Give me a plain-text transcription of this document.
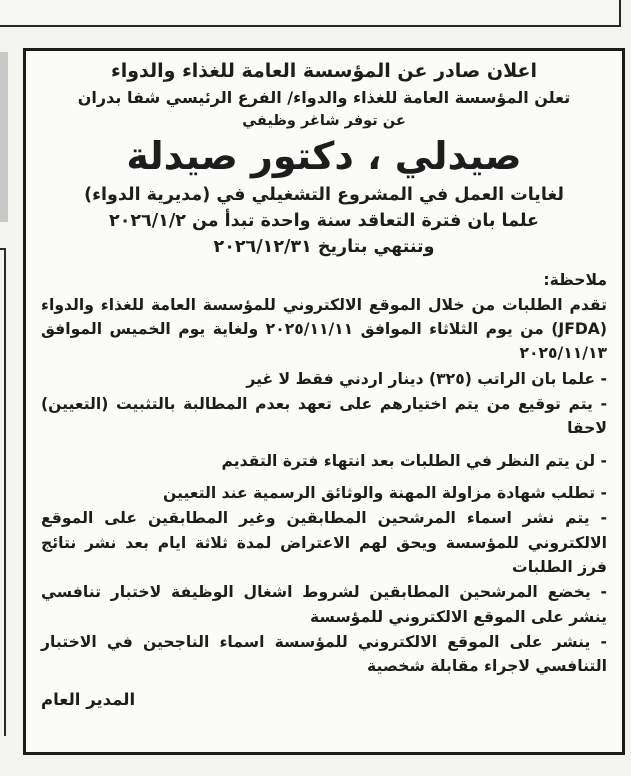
اعلان صادر عن المؤسسة العامة للغذاء والدواء
تعلن المؤسسة العامة للغذاء والدواء/ الفرع الرئيسي شفا بدران
عن توفر شاغر وظيفي
صيدلي ، دكتور صيدلة
لغايات العمل في المشروع التشغيلي في (مديرية الدواء)
علما بان فترة التعاقد سنة واحدة تبدأ من ٢٠٢٦/١/٢
وتنتهي بتاريخ ٢٠٢٦/١٢/٣١
ملاحظة:
تقدم الطلبات من خلال الموقع الالكتروني للمؤسسة العامة للغذاء والدواء
(JFDA) من يوم الثلاثاء الموافق ٢٠٢٥/١١/١١ ولغاية يوم الخميس الموافق
٢٠٢٥/١١/١٣
- علما بان الراتب (٣٢٥) دينار اردني فقط لا غير
- يتم توقيع من يتم اختيارهم على تعهد بعدم المطالبة بالتثبيت (التعيين) لاحقا
- لن يتم النظر في الطلبات بعد انتهاء فترة التقديم
- تطلب شهادة مزاولة المهنة والوثائق الرسمية عند التعيين
- يتم نشر اسماء المرشحين المطابقين وغير المطابقين على الموقع الالكتروني للمؤسسة ويحق لهم الاعتراض لمدة ثلاثة ايام بعد نشر نتائج فرز الطلبات
- يخضع المرشحين المطابقين لشروط اشغال الوظيفة لاختبار تنافسي ينشر على الموقع الالكتروني للمؤسسة
- ينشر على الموقع الالكتروني للمؤسسة اسماء الناجحين في الاختبار التنافسي لاجراء مقابلة شخصية
المدير العام
